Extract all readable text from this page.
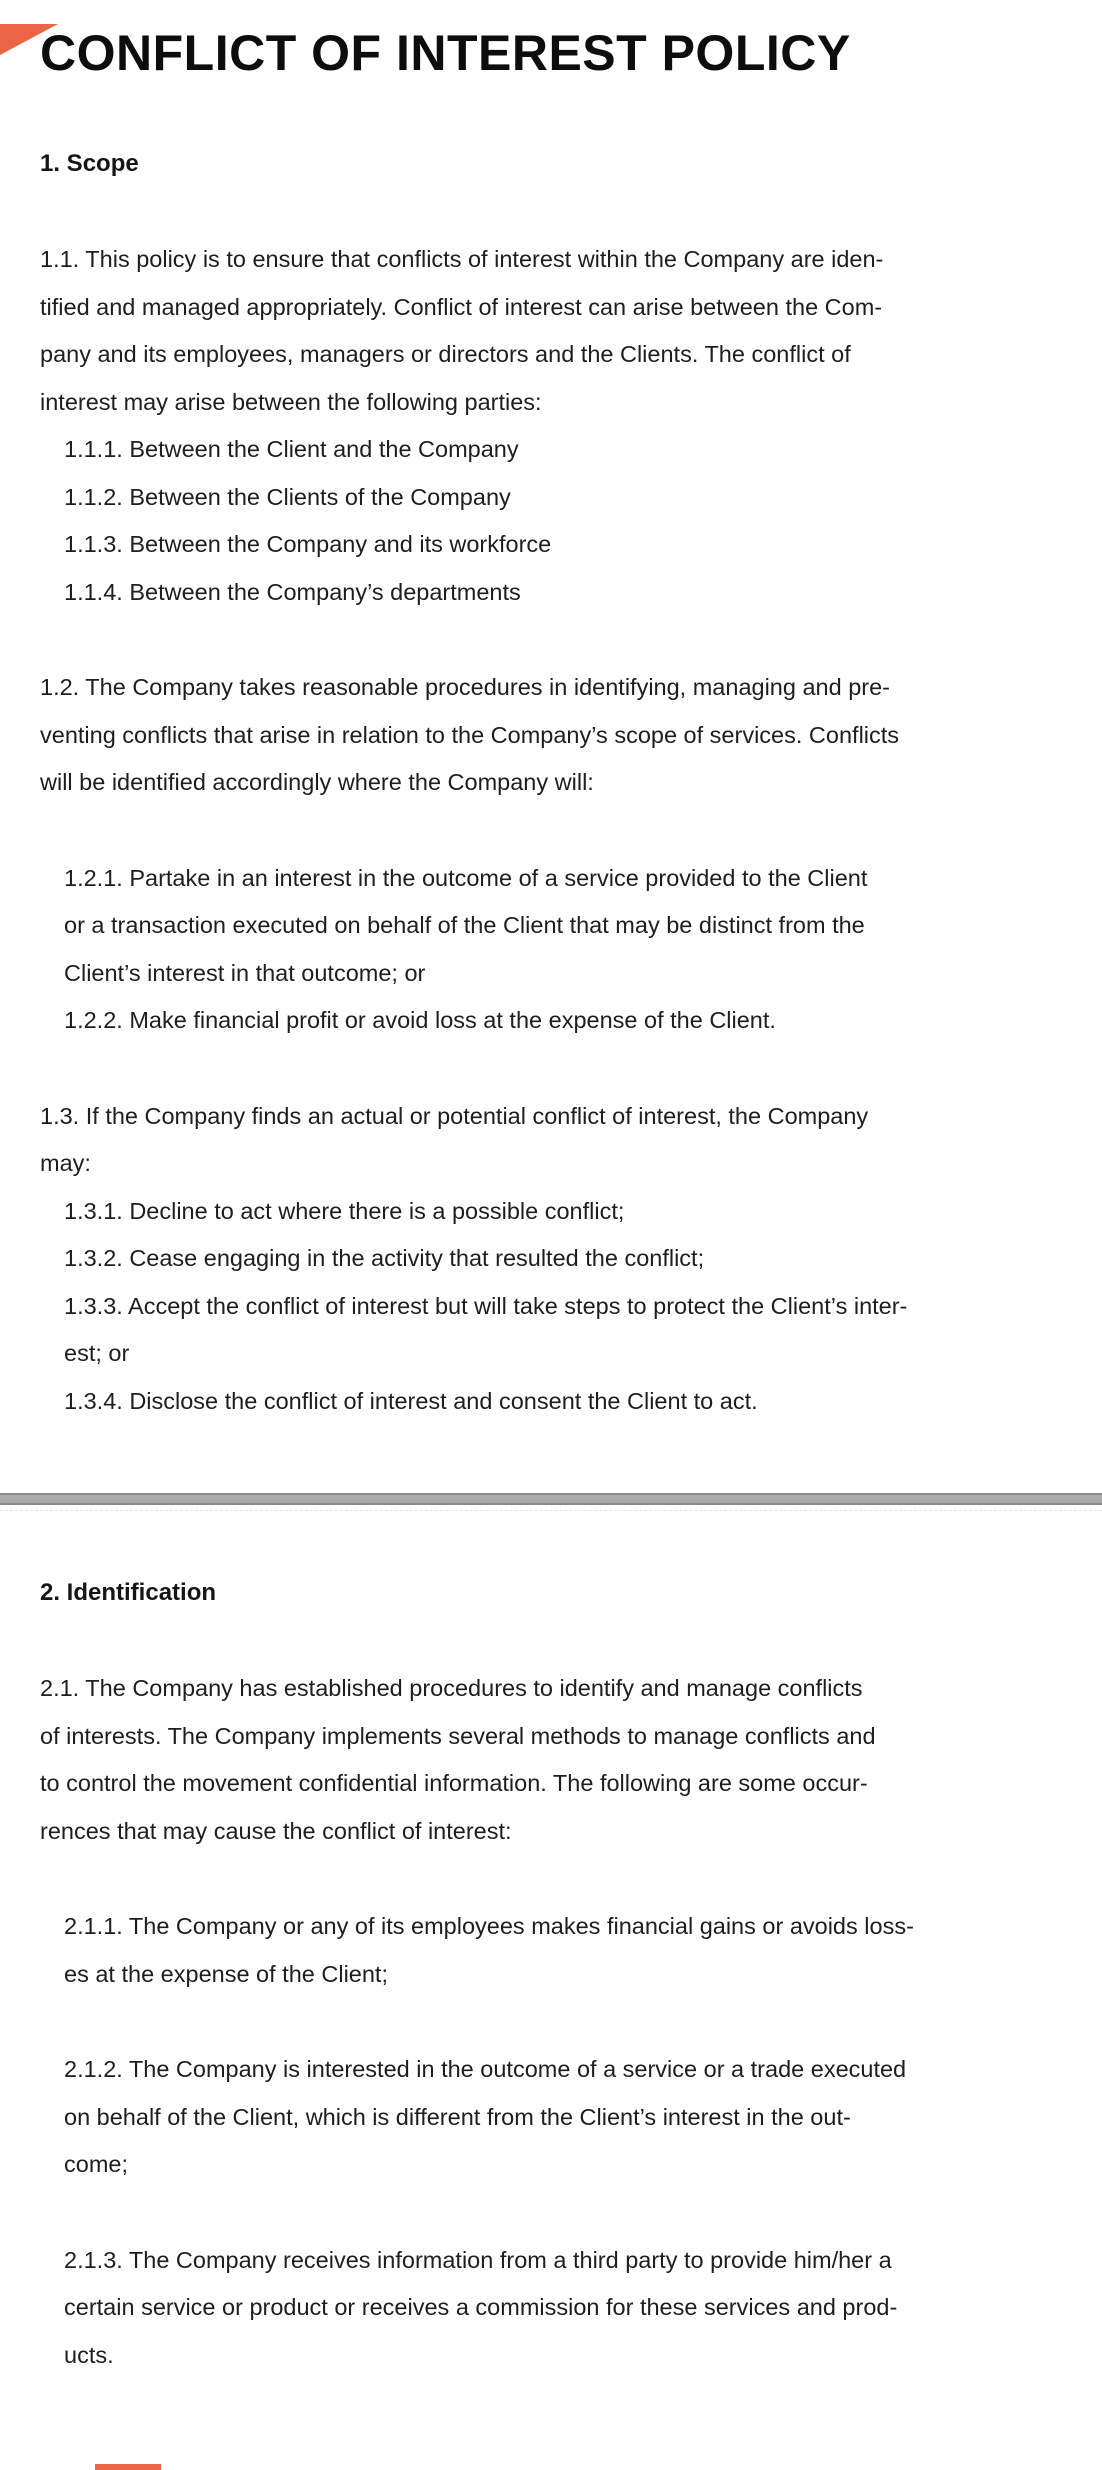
CONFLICT OF INTEREST POLICY
1. Scope
1.1. This policy is to ensure that conflicts of interest within the Company are iden-
tified and managed appropriately. Conflict of interest can arise between the Com-
pany and its employees, managers or directors and the Clients. The conflict of
interest may arise between the following parties:
1.1.1. Between the Client and the Company
1.1.2. Between the Clients of the Company
1.1.3. Between the Company and its workforce
1.1.4. Between the Company’s departments
1.2. The Company takes reasonable procedures in identifying, managing and pre-
venting conflicts that arise in relation to the Company’s scope of services. Conflicts
will be identified accordingly where the Company will:
1.2.1. Partake in an interest in the outcome of a service provided to the Client
or a transaction executed on behalf of the Client that may be distinct from the
Client’s interest in that outcome; or
1.2.2. Make financial profit or avoid loss at the expense of the Client.
1.3. If the Company finds an actual or potential conflict of interest, the Company
may:
1.3.1. Decline to act where there is a possible conflict;
1.3.2. Cease engaging in the activity that resulted the conflict;
1.3.3. Accept the conflict of interest but will take steps to protect the Client’s inter-
est; or
1.3.4. Disclose the conflict of interest and consent the Client to act.
2. Identification
2.1. The Company has established procedures to identify and manage conflicts
of interests. The Company implements several methods to manage conflicts and
to control the movement confidential information. The following are some occur-
rences that may cause the conflict of interest:
2.1.1. The Company or any of its employees makes financial gains or avoids loss-
es at the expense of the Client;
2.1.2. The Company is interested in the outcome of a service or a trade executed
on behalf of the Client, which is different from the Client’s interest in the out-
come;
2.1.3. The Company receives information from a third party to provide him/her a
certain service or product or receives a commission for these services and prod-
ucts.
